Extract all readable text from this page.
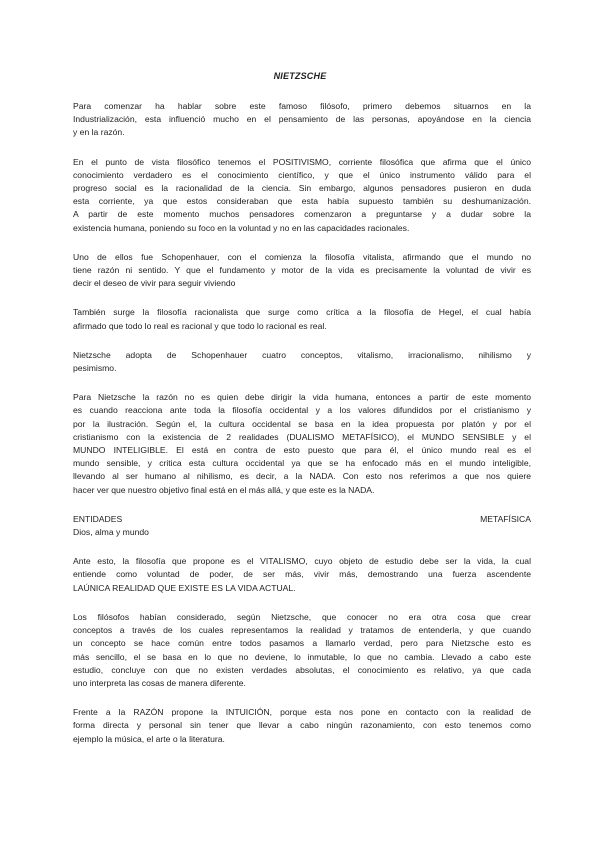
NIETZSCHE
Para comenzar ha hablar sobre este famoso filósofo, primero debemos situarnos en la
Industrialización, esta influenció mucho en el pensamiento de las personas, apoyándose en la ciencia
y en la razón.
En el punto de vista filosófico tenemos el POSITIVISMO, corriente filosófica que afirma que el único
conocimiento verdadero es el conocimiento científico, y que el único instrumento válido para el
progreso social es la racionalidad de la ciencia. Sin embargo, algunos pensadores pusieron en duda
esta corriente, ya que estos consideraban que esta había supuesto también su deshumanización.
A partir de este momento muchos pensadores comenzaron a preguntarse y a dudar sobre la
existencia humana, poniendo su foco en la voluntad y no en las capacidades racionales.
Uno de ellos fue Schopenhauer, con el comienza la filosofía vitalista, afirmando que el mundo no
tiene razón ni sentido. Y que el fundamento y motor de la vida es precisamente la voluntad de vivir es
decir el deseo de vivir para seguir viviendo
También surge la filosofía racionalista que surge como crítica a la filosofía de Hegel, el cual había
afirmado que todo lo real es racional y que todo lo racional es real.
Nietzsche adopta de Schopenhauer cuatro conceptos, vitalismo, irracionalismo, nihilismo y
pesimismo.
Para Nietzsche la razón no es quien debe dirigir la vida humana, entonces a partir de este momento
es cuando reacciona ante toda la filosofía occidental y a los valores difundidos por el cristianismo y
por la ilustración. Según el, la cultura occidental se basa en la idea propuesta por platón y por el
cristianismo con la existencia de 2 realidades (DUALISMO METAFÍSICO), el MUNDO SENSIBLE y el
MUNDO INTELIGIBLE. El está en contra de esto puesto que para él, el único mundo real es el
mundo sensible, y critica esta cultura occidental ya que se ha enfocado más en el mundo inteligible,
llevando al ser humano al nihilismo, es decir, a la NADA. Con esto nos referimos a que nos quiere
hacer ver que nuestro objetivo final está en el más allá, y que este es la NADA.
ENTIDADES METAFÍSICA
Dios, alma y mundo
Ante esto, la filosofía que propone es el VITALISMO, cuyo objeto de estudio debe ser la vida, la cual
entiende como voluntad de poder, de ser más, vivir más, demostrando una fuerza ascendente
LAÚNICA REALIDAD QUE EXISTE ES LA VIDA ACTUAL.
Los filósofos habían considerado, según Nietzsche, que conocer no era otra cosa que crear
conceptos a través de los cuales representamos la realidad y tratamos de entenderla, y que cuando
un concepto se hace común entre todos pasamos a llamarlo verdad, pero para Nietzsche esto es
más sencillo, el se basa en lo que no deviene, lo inmutable, lo que no cambia. Llevado a cabo este
estudio, concluye con que no existen verdades absolutas, el conocimiento es relativo, ya que cada
uno interpreta las cosas de manera diferente.
Frente a la RAZÓN propone la INTUICIÓN, porque esta nos pone en contacto con la realidad de
forma directa y personal sin tener que llevar a cabo ningún razonamiento, con esto tenemos como
ejemplo la música, el arte o la literatura.
